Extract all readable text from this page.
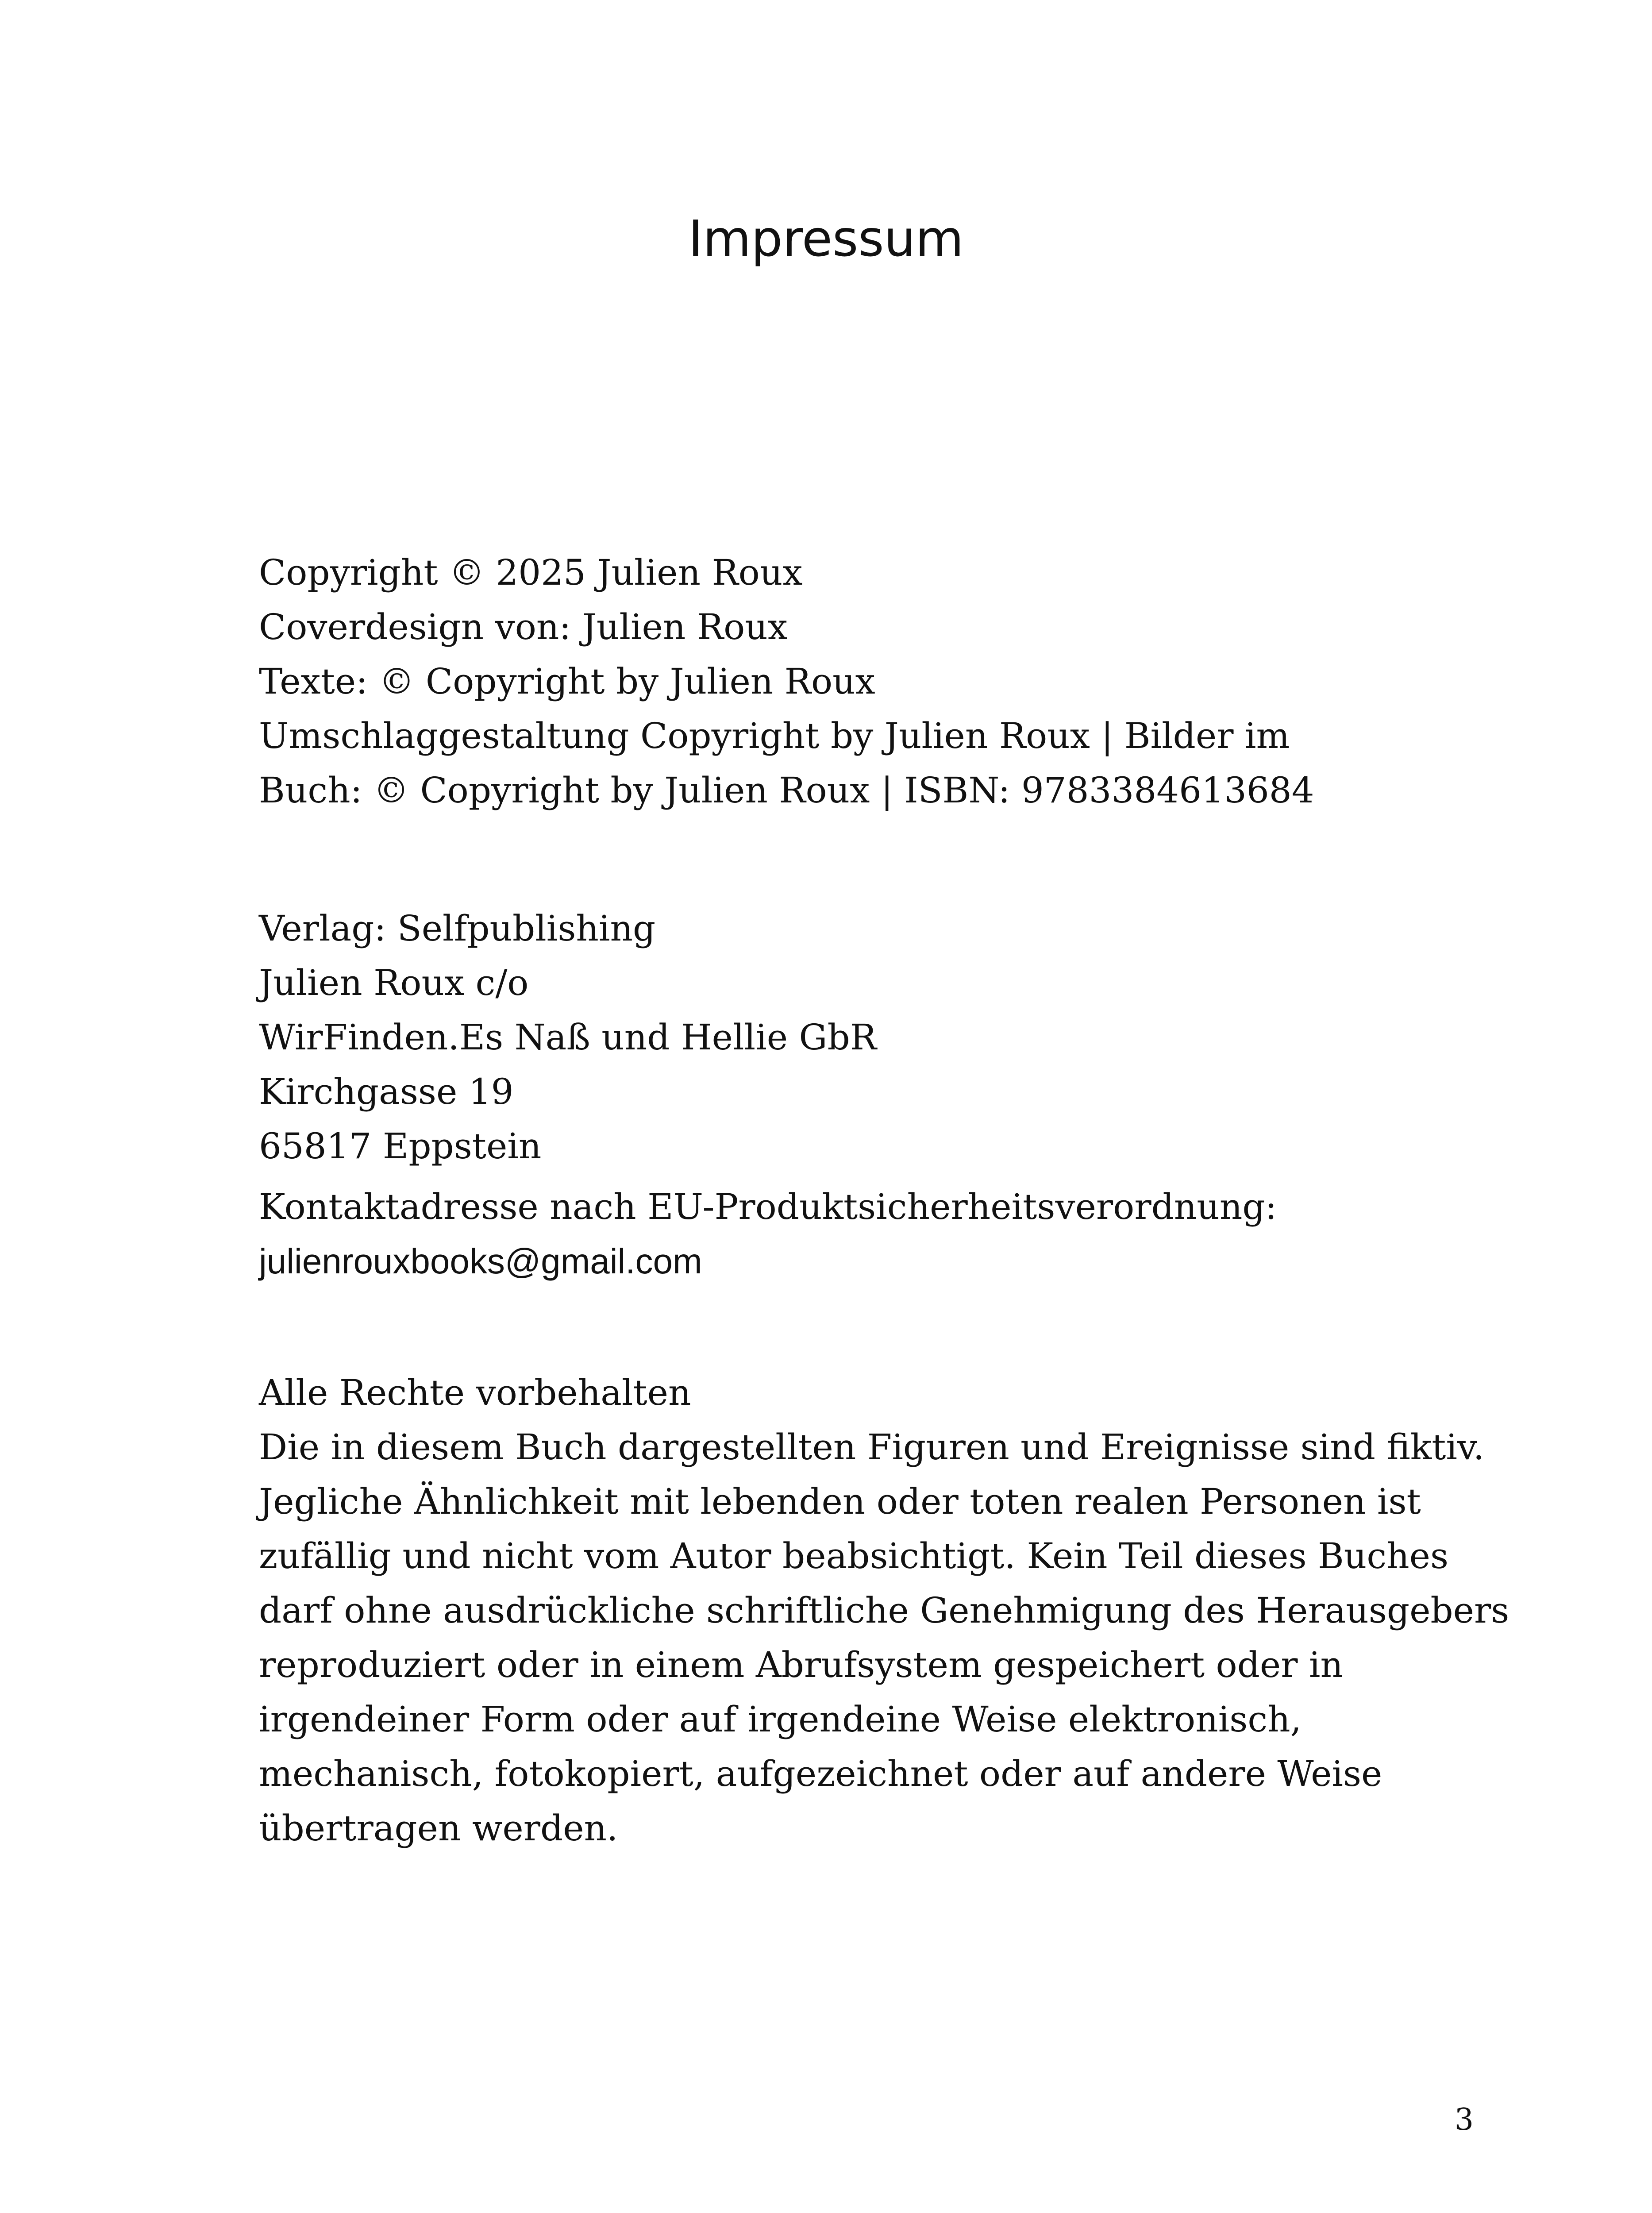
Impressum
Copyright © 2025 Julien Roux
Coverdesign von: Julien Roux
Texte: © Copyright by Julien Roux
Umschlaggestaltung Copyright by Julien Roux | Bilder im
Buch: © Copyright by Julien Roux | ISBN: 9783384613684
Verlag: Selfpublishing
Julien Roux c/o
WirFinden.Es Naß und Hellie GbR
Kirchgasse 19
65817 Eppstein
Kontaktadresse nach EU-Produktsicherheitsverordnung:
julienrouxbooks@gmail.com
Alle Rechte vorbehalten
Die in diesem Buch dargestellten Figuren und Ereignisse sind fiktiv.
Jegliche Ähnlichkeit mit lebenden oder toten realen Personen ist
zufällig und nicht vom Autor beabsichtigt. Kein Teil dieses Buches
darf ohne ausdrückliche schriftliche Genehmigung des Herausgebers
reproduziert oder in einem Abrufsystem gespeichert oder in
irgendeiner Form oder auf irgendeine Weise elektronisch,
mechanisch, fotokopiert, aufgezeichnet oder auf andere Weise
übertragen werden.
3
